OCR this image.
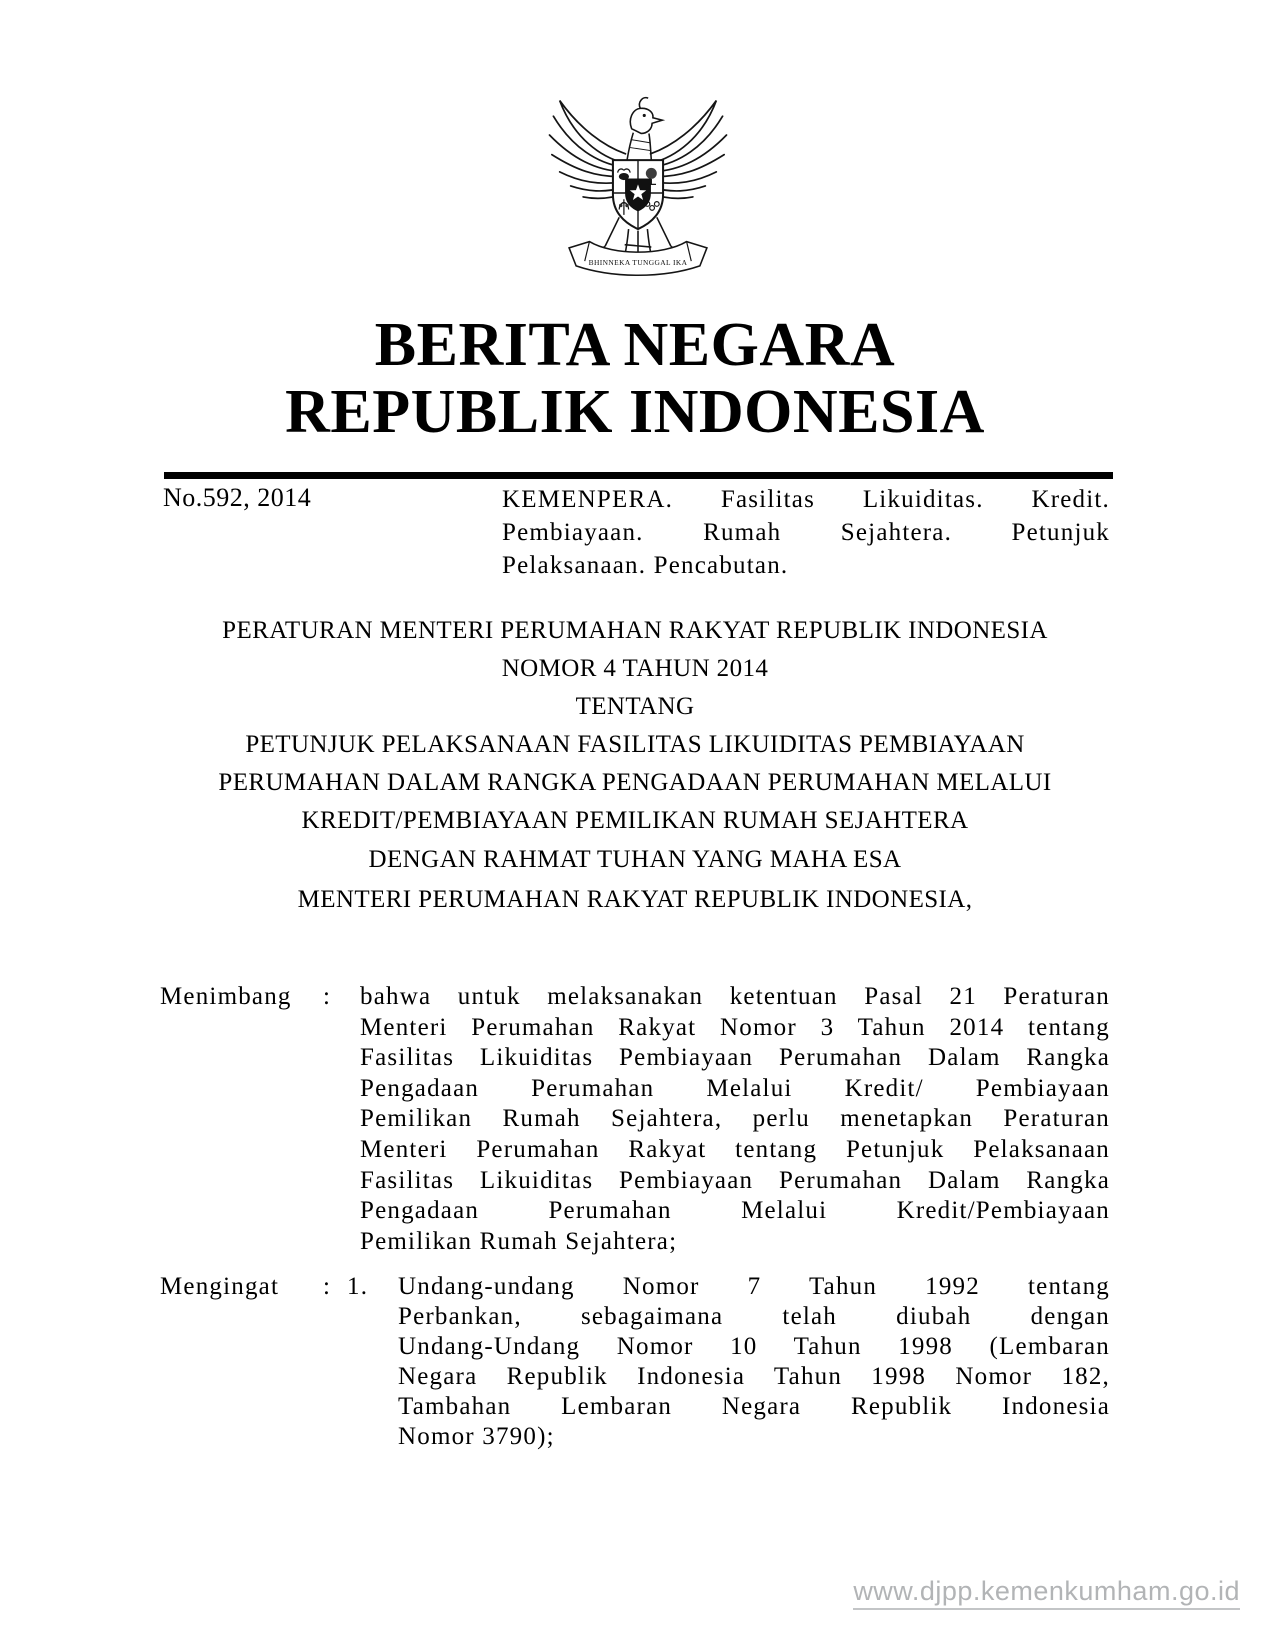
BHINNEKA TUNGGAL IKA
BERITA NEGARA
REPUBLIK INDONESIA
No.592, 2014	KEMENPERA. Fasilitas Likuiditas. Kredit.
Pembiayaan. Rumah Sejahtera. Petunjuk
Pelaksanaan. Pencabutan.
PERATURAN MENTERI PERUMAHAN RAKYAT REPUBLIK INDONESIA
NOMOR 4 TAHUN 2014
TENTANG
PETUNJUK PELAKSANAAN FASILITAS LIKUIDITAS PEMBIAYAAN
PERUMAHAN DALAM RANGKA PENGADAAN PERUMAHAN MELALUI
KREDIT/PEMBIAYAAN PEMILIKAN RUMAH SEJAHTERA
DENGAN RAHMAT TUHAN YANG MAHA ESA
MENTERI PERUMAHAN RAKYAT REPUBLIK INDONESIA,
Menimbang	:	bahwa untuk melaksanakan ketentuan Pasal 21 Peraturan
Menteri Perumahan Rakyat Nomor 3 Tahun 2014 tentang
Fasilitas Likuiditas Pembiayaan Perumahan Dalam Rangka
Pengadaan Perumahan Melalui Kredit/ Pembiayaan
Pemilikan Rumah Sejahtera, perlu menetapkan Peraturan
Menteri Perumahan Rakyat tentang Petunjuk Pelaksanaan
Fasilitas Likuiditas Pembiayaan Perumahan Dalam Rangka
Pengadaan Perumahan Melalui Kredit/Pembiayaan
Pemilikan Rumah Sejahtera;
Mengingat	: 1.	Undang-undang Nomor 7 Tahun 1992 tentang
Perbankan, sebagaimana telah diubah dengan
Undang-Undang Nomor 10 Tahun 1998 (Lembaran
Negara Republik Indonesia Tahun 1998 Nomor 182,
Tambahan Lembaran Negara Republik Indonesia
Nomor 3790);
www.djpp.kemenkumham.go.id
